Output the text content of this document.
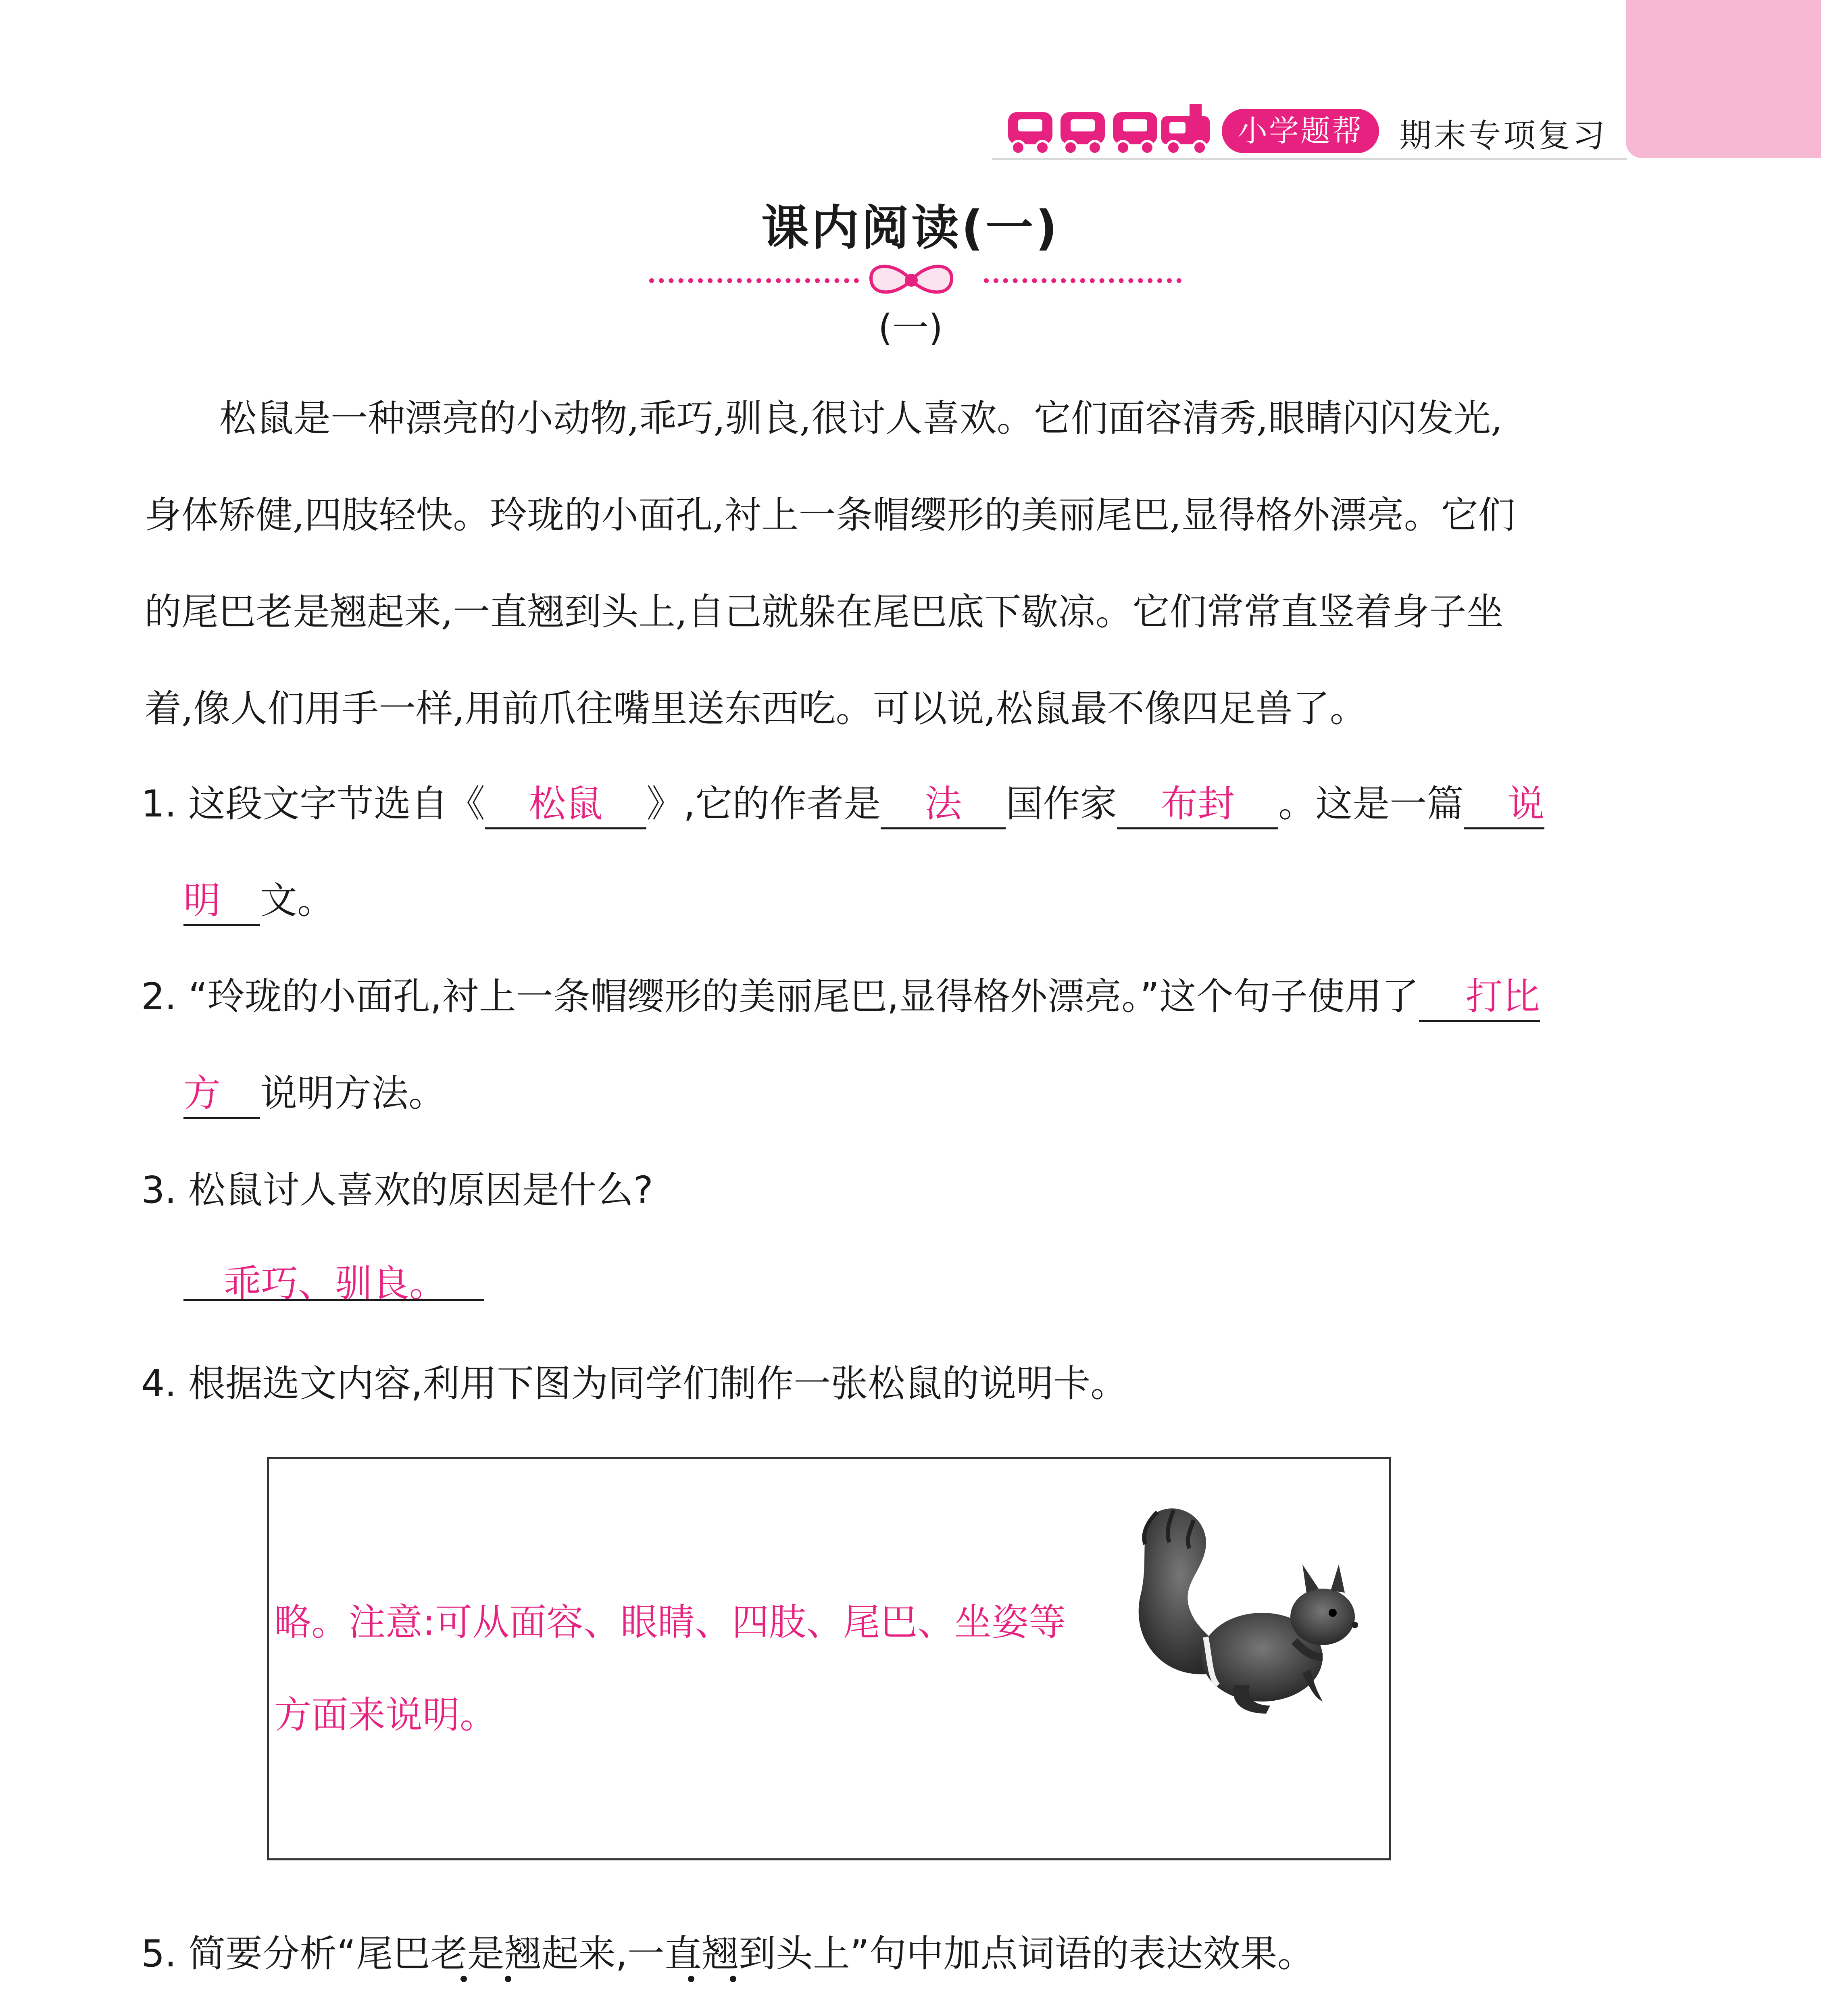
小学题帮	期末专项复习
课内阅读(一)
(一)
松鼠是一种漂亮的小动物,乖巧,驯良,很讨人喜欢。它们面容清秀,眼睛闪闪发光,
身体矫健,四肢轻快。玲珑的小面孔,衬上一条帽缨形的美丽尾巴,显得格外漂亮。它们
的尾巴老是翘起来,一直翘到头上,自己就躲在尾巴底下歇凉。它们常常直竖着身子坐
着,像人们用手一样,用前爪往嘴里送东西吃。可以说,松鼠最不像四足兽了。
1. 这段文字节选自《 松鼠 》,它的作者是 法 国作家 布封 。这是一篇 说
明 文。
2. “玲珑的小面孔,衬上一条帽缨形的美丽尾巴,显得格外漂亮。”这个句子使用了 打比
方 说明方法。
3. 松鼠讨人喜欢的原因是什么?
乖巧、驯良。
4. 根据选文内容,利用下图为同学们制作一张松鼠的说明卡。
略。注意:可从面容、眼睛、四肢、尾巴、坐姿等
方面来说明。
5. 简要分析“尾巴老是翘起来,一直翘到头上”句中加点词语的表达效果。
